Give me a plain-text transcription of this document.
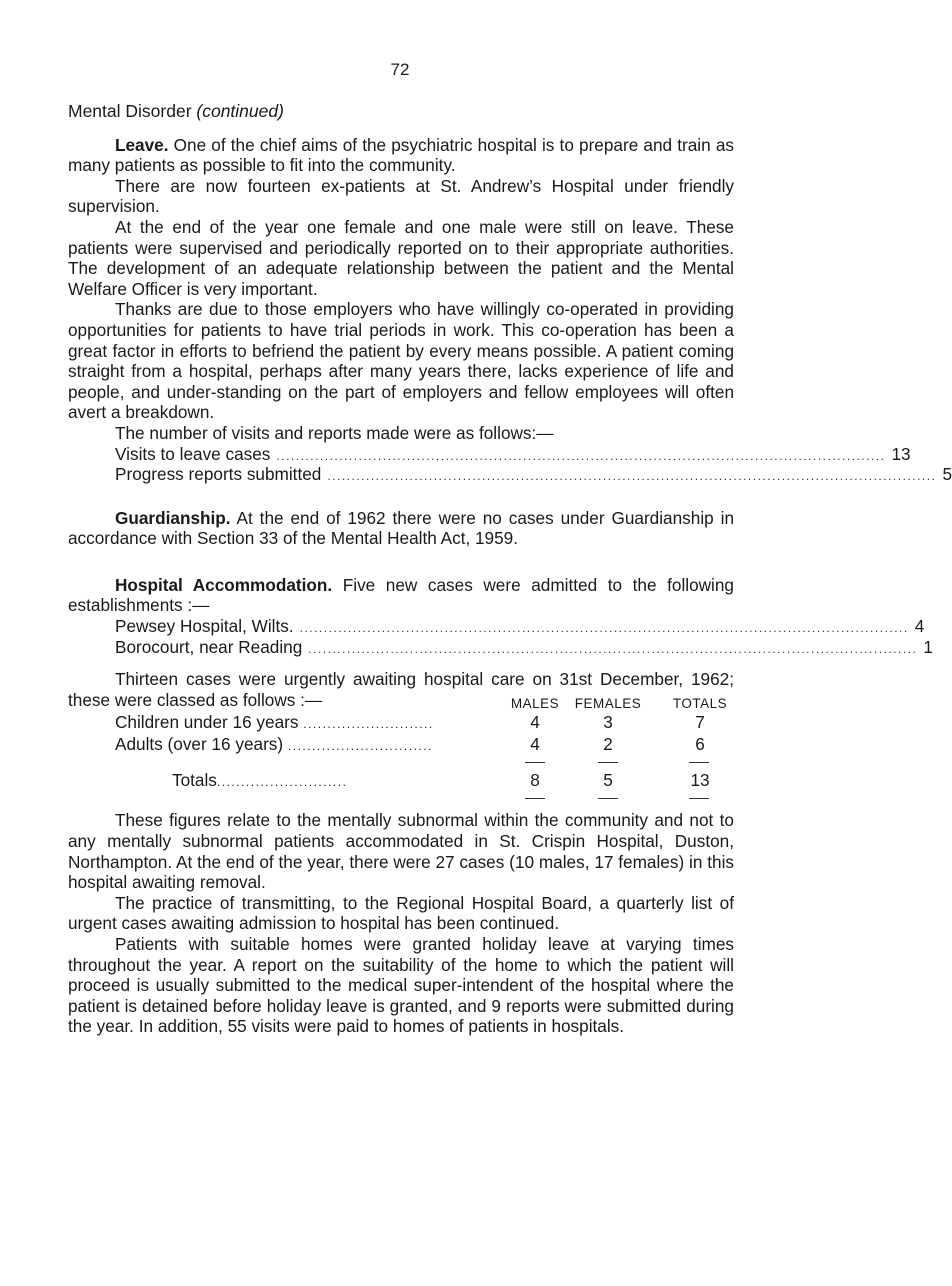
72

Mental Disorder (continued)

Leave. One of the chief aims of the psychiatric hospital is to prepare and train as many patients as possible to fit into the community.

There are now fourteen ex-patients at St. Andrew’s Hospital under friendly supervision.

At the end of the year one female and one male were still on leave. These patients were supervised and periodically reported on to their appropriate authorities. The development of an adequate relationship between the patient and the Mental Welfare Officer is very important.

Thanks are due to those employers who have willingly co-operated in providing opportunities for patients to have trial periods in work. This co-operation has been a great factor in efforts to befriend the patient by every means possible. A patient coming straight from a hospital, perhaps after many years there, lacks experience of life and people, and under-standing on the part of employers and fellow employees will often avert a breakdown.

The number of visits and reports made were as follows:—

Visits to leave cases .............................................................................................................................. 13
Progress reports submitted .............................................................................................................................. 5

Guardianship. At the end of 1962 there were no cases under Guardianship in accordance with Section 33 of the Mental Health Act, 1959.

Hospital Accommodation. Five new cases were admitted to the following establishments :—

Pewsey Hospital, Wilts. .............................................................................................................................. 4
Borocourt, near Reading .............................................................................................................................. 1

Thirteen cases were urgently awaiting hospital care on 31st December, 1962; these were classed as follows :—	MALES	FEMALES	TOTALS
Children under 16 years ...........................	4	3	7
Adults (over 16 years) ..............................	4	2	6
Totals...........................	8	5	13

These figures relate to the mentally subnormal within the community and not to any mentally subnormal patients accommodated in St. Crispin Hospital, Duston, Northampton. At the end of the year, there were 27 cases (10 males, 17 females) in this hospital awaiting removal.

The practice of transmitting, to the Regional Hospital Board, a quarterly list of urgent cases awaiting admission to hospital has been continued.

Patients with suitable homes were granted holiday leave at varying times throughout the year. A report on the suitability of the home to which the patient will proceed is usually submitted to the medical super-intendent of the hospital where the patient is detained before holiday leave is granted, and 9 reports were submitted during the year. In addition, 55 visits were paid to homes of patients in hospitals.
